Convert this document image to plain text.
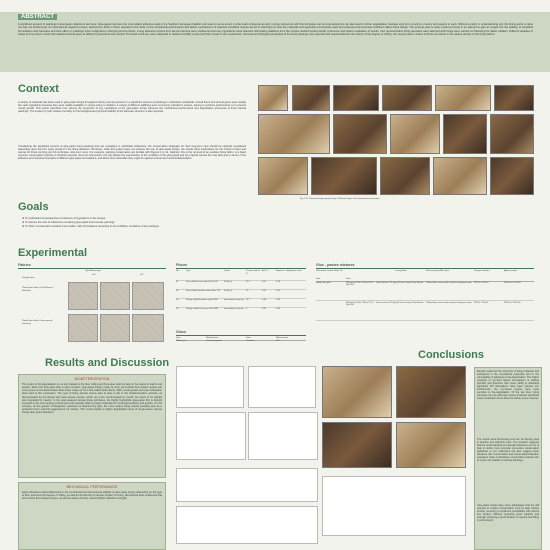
ABSTRACT
A significant amount of paintings in European collections are lined. Glue-paste has been the most widely adhesive used in the Southern European tradition and used to some extent in other parts of Europe as well. Linings carried out with this technique can be long-lasting but can also lead to further degradation. Recipes vary from country to country and experts to each. Without a clarity in understanding why this lining works or does not was not forthcoming. An international research project, lasting from 2011 to 2014, devoted to the study of the mechanical performance and failure mechanisms of selected simplified recipes aimed to shed light on how the materials and application techniques used and external environmental conditions affect these linings. The purpose was to study mock-up linings in an attempt to gain an insight into the stability of simplified formulations and canvases and their effect on paintings when subjected to changing environments. Lining adhesive recipes from all over Europe were studied and two key ingredients were selected. Eliminating additives from the recipes studied would provide coherence and clearer evaluation of results. Two representative lining canvases were selected and linings were carried out following the Italian tradition. Different qualities of wheat and rye flours mixed with selected animal glues at different proportions were tested. The lined mock-ups were subjected to relative humidity cycles and their impact in the mechanical, chemical and biological properties of the lined paintings was reported with special attention the effects of the degree of milling, the cereal protein content of flours as well as to the weave density of the lining fabrics.
Context
A variety of materials has been used in glue-paste linings throughout history and are present in a significant amount of paintings in collections worldwide. Cereal flours and animal glues were usually the main ingredients because they were readily available or simply owing to tradition. A variety of different additives were commonly included in recipes, aiming to enhance performance or to prevent mould growth. This poster describes how varying the proportion of key ingredients of the glue-paste recipe influence the mechanical performance and degradation processes of lined canvas paintings. The impact of cyclic relative humidity on the biological and physical stability of the laminate structure is also reported.
Considering the significant amount of glue-paste lined paintings that are nowadays in worldwide collections, the conservation strategies for their long-term care should be carefully considered depending upon the four types present in the lining adhesive. Moreover, while this project does not endorse the use of glue-paste linings, the results have implications for the choice of flour and canvas for those carrying out this technique. And even more. For example, painting conservators are familiar with Figures 1 to 12, clashing: this is the removal of an auxiliary lining fabric, is a basic common conservation practice in Southern Europe. Such an intervention not only allows the examination of the condition of the glue-paste and the original canvas but may also give a sense of the adhesive and cohesive strengths of different glue paste formulations, and about how vulnerable they might be against environment and biodeterioration.
Fig. 1-12: Removal of glue-paste linings. Different stages of the detachment procedure.
Goals
❖ To understand consequences of selection of ingredients in the recipes.
❖ To discuss the care of collections containing glue-paste lined canvas paintings.
❖ To inform conservators towards more stable / safe formulations according to the exhibition conditions of the paintings.
Experimental
Fabrics
Light Microscopy
x10	x25
Sample fabric
Plainfd linen fabric (Dahl-Weaver / Belleville)
Plainfd linen fabric (Linen-weave / Sartorine)
Flours
No.	Type	Grade	Protein content %
Ash %	Amylose / amylopectin ratio
F1	Fine milled Durum wheat flour F50	00 (fine)	12.1	0.51	0.26
F2	Fine milled Flourtaile wheat flour T55	00 (fine)	13	0.55	0.24
F3	Rough milled Semoline wheat F80	Intermediate (coarse)	11.7	0.64	0.32
F4	Rough milled Durum rye flour RFM	Intermediate (coarse)	9	0.82	0.30
Glues
Type	Manufacturer	Form	Bloom grade
Rabbit glue	Kremer Pigmente	Granules	100
Glue - pastes mixtures
Glue-paste mixture Ratio 1:6	Lining fabric	Mock-up lining RH cycles	Unaged samples	Aged samples
Glue	Flour
Rabbit skin glue	Wheat flour F50 / Wheat F55 / Rye F80
Open Weave 175 (g/m2) From Lining: Plain-Weave	Plainfd linen canvas with oil paint and gesso layer	WG1-6 / RG1-6	WG1-6a / RG1-6a
Wheat flour F50 / Wheat T55 / Rye F80
Dense weave 270 (g/m2) From Lining: Plain-Weave	Plainfd linen canvas with oil paint and gesso layer	WD1-6 / RD1-6	WD1-6a / RD1-6a
Results and Discussion
BIODETERIORATION
The extent of bio-degradation is not only related to the flour milling and flour-glue ratio but also to the nature of starch and protein. When the flour-glue ratio is kept constant, glue-paste linings made up from semi-whole flour-based recipes are more prone to bio-deterioration than those made up from fine-milled white flours. With mould growth and pest infestation tests lead to this conclusion. The type of lining canvas seems also to play a role in the biodeterioration process, as demonstrated by the linings with open-weave canvas, which are more contaminated by mould, but seem to be slightly less degraded by insects. In the open-weaved canvas lining technique, the highly hydrophilic glue-paste film is directly exposed to the surrounding environment and possibly offers a better substrate for mould germination and growth. On the contrary, as the growth of Stegobium paniceum is favoured by light, the more weave lining canvas possibly acts as a protection from external aggressions for insects. This could explain a higher degradation level of close-weave canvas linings after pest infestation.
MECHANICAL PERFORMANCE
Early indications show differences in the mechanical and dimensional stability of glue-paste linings depending on the type of flour used and the degree of milling, as well as the density of canvas chosen for lining. Mechanical tests evidenced that semi-whole flour-based recipes, as well as weave density, caused higher adhesive strength.
Conclusions
Results evidenced the influence of lining materials and techniques in the mechanical properties and in the vulnerability of paintings to bio-deterioration. The higher reactivity of rye-flour based formulations to relative humidity and therefore their lower ability to withstand significant RH fluctuations have been pointed out. Furthermore, the rye-based recipes were more sensitive to bio-degradation. Of the two linen lining canvases the one with open weave produced significant lower contraction forces than the closely woven canvas.
The results were illuminating and can be directly used in practice and collection care. The research suggests that the understanding of materials behaviour can be of help to define more accurate preventive conservation guidelines in our collections but also suggest lower tolerance risk. Conservators and conservation/collection managers make in laboratory conservation practice aim to ensure the stability of canvas paintings.
Glue-paste linings have some advantages that are still relevant to modern conservation such as high surface tension (ensuring re-treatment possibilities with almost any binder), stiffness (ensuring good support) and strength (ensuring a good fixation of cupping and lifting in paint layers).
